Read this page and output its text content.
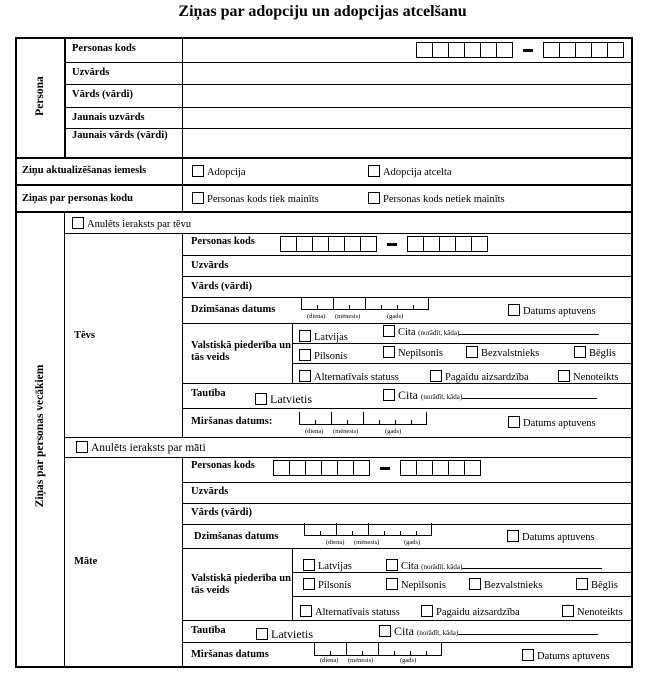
Ziņas par adopciju un adopcijas atcelšanu
Persona
Personas kods
Uzvārds
Vārds (vārdi)
Jaunais uzvārds
Jaunais vārds (vārdi)
Ziņu aktualizēšanas iemesls	Adopcija	Adopcija atcelta
Ziņas par personas kodu	Personas kods tiek mainīts	Personas kods netiek mainīts
Ziņas par personas vecākiem
Anulēts ieraksts par tēvu
Tēvs
Personas kods
Uzvārds
Vārds (vārdi)
Dzimšanas datums
(diena) (mēnesis)	(gads)	Datums aptuvens
Valstiskā piederība un tās veids
Latvijas	Cita (norādīt, kāda)
Pilsonis	Nepilsonis	Bezvalstnieks	Bēglis
Alternatīvais statuss	Pagaidu aizsardzība	Nenoteikts
Tautība	Latvietis	Cita (norādīt, kāda)
Miršanas datums:
(diena) (mēnesis)	(gads)
Datums aptuvens
Anulēts ieraksts par māti
Māte
Personas kods
Uzvārds
Vārds (vārdi)
Dzimšanas datums
(diena) (mēnesis)	(gads)	Datums aptuvens
Valstiskā piederība un tās veids
Latvijas	Cita (norādīt, kāda)
Pilsonis	Nepilsonis	Bezvalstnieks	Bēglis
Alternatīvais statuss	Pagaidu aizsardzība	Nenoteikts
Tautība	Latvietis	Cita (norādīt, kāda)
Miršanas datums
(diena) (mēnesis)	(gads)	Datums aptuvens
